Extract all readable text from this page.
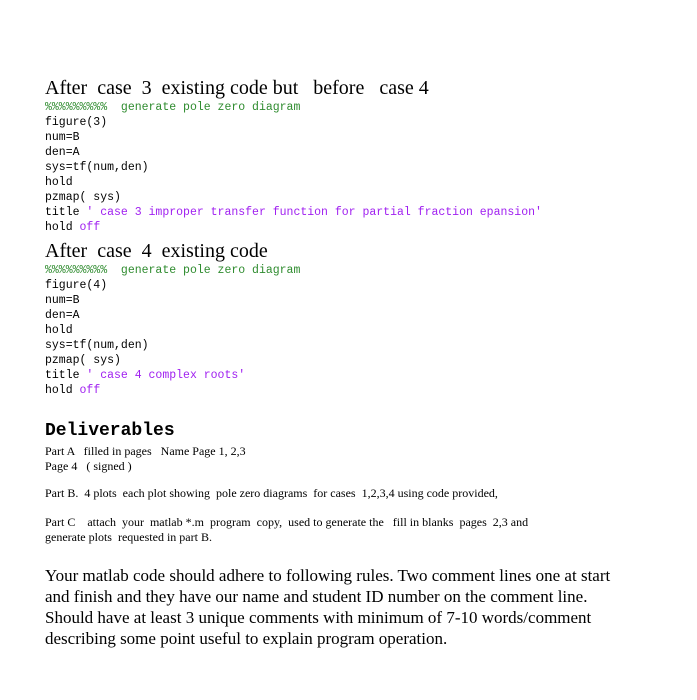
After  case  3  existing code but   before   case 4

%%%%%%%%%  generate pole zero diagram

figure(3)

num=B

den=A

sys=tf(num,den)

hold

pzmap( sys)

title ' case 3 improper transfer function for partial fraction epansion'

hold off

After  case  4  existing code

%%%%%%%%%  generate pole zero diagram

figure(4)

num=B

den=A

hold

sys=tf(num,den)

pzmap( sys)

title ' case 4 complex roots'

hold off

Deliverables

Part A   filled in pages   Name Page 1, 2,3

Page 4   ( signed )

Part B.  4 plots  each plot showing  pole zero diagrams  for cases  1,2,3,4 using code provided,

Part C    attach  your  matlab *.m  program  copy,  used to generate the   fill in blanks  pages  2,3 and

generate plots  requested in part B.

Your matlab code should adhere to following rules. Two comment lines one at start and finish and they have our name and student ID number on the comment line. Should have at least 3 unique comments with minimum of 7-10 words/comment describing some point useful to explain program operation.
